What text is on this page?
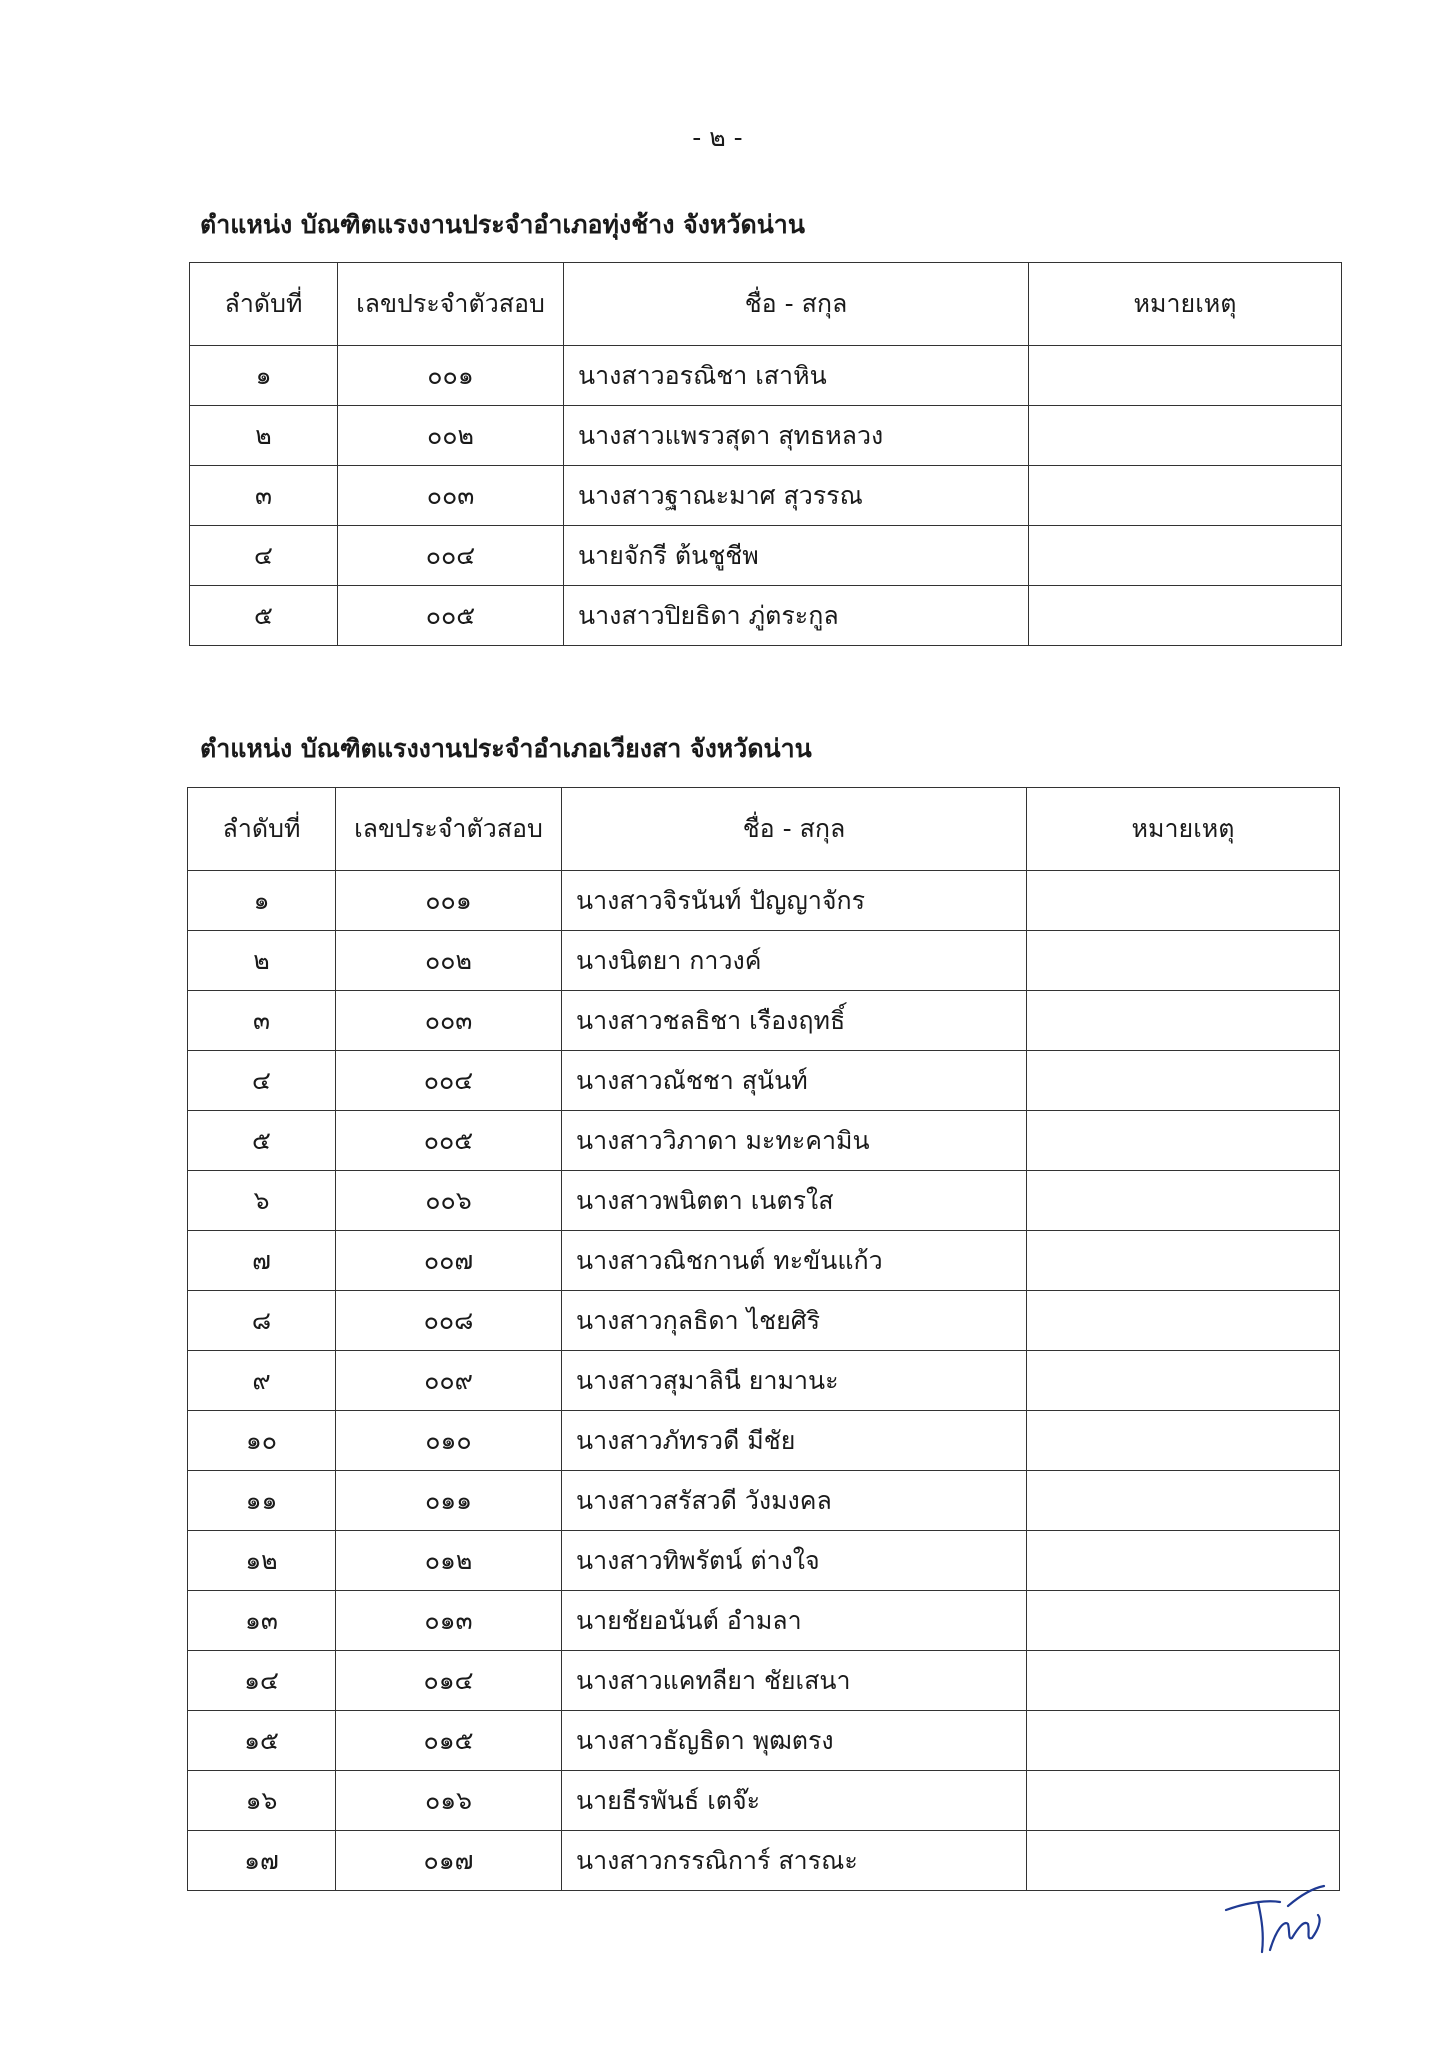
- ๒ -
ตำแหน่ง บัณฑิตแรงงานประจำอำเภอทุ่งช้าง จังหวัดน่าน
ลำดับที่	เลขประจำตัวสอบ	ชื่อ - สกุล	หมายเหตุ
๑	๐๐๑	นางสาวอรณิชา เสาหิน	
๒	๐๐๒	นางสาวแพรวสุดา สุทธหลวง	
๓	๐๐๓	นางสาวฐาณะมาศ สุวรรณ	
๔	๐๐๔	นายจักรี ต้นชูชีพ	
๕	๐๐๕	นางสาวปิยธิดา ภู่ตระกูล	
ตำแหน่ง บัณฑิตแรงงานประจำอำเภอเวียงสา จังหวัดน่าน
ลำดับที่	เลขประจำตัวสอบ	ชื่อ - สกุล	หมายเหตุ
๑	๐๐๑	นางสาวจิรนันท์ ปัญญาจักร	
๒	๐๐๒	นางนิตยา กาวงค์	
๓	๐๐๓	นางสาวชลธิชา เรืองฤทธิ์	
๔	๐๐๔	นางสาวณัชชา สุนันท์	
๕	๐๐๕	นางสาววิภาดา มะทะคามิน	
๖	๐๐๖	นางสาวพนิตตา เนตรใส	
๗	๐๐๗	นางสาวณิชกานต์ ทะขันแก้ว	
๘	๐๐๘	นางสาวกุลธิดา ไชยศิริ	
๙	๐๐๙	นางสาวสุมาลินี ยามานะ	
๑๐	๐๑๐	นางสาวภัทรวดี มีชัย	
๑๑	๐๑๑	นางสาวสรัสวดี วังมงคล	
๑๒	๐๑๒	นางสาวทิพรัตน์ ต่างใจ	
๑๓	๐๑๓	นายชัยอนันต์ อำมลา	
๑๔	๐๑๔	นางสาวแคทลียา ชัยเสนา	
๑๕	๐๑๕	นางสาวธัญธิดา พุฒตรง	
๑๖	๐๑๖	นายธีรพันธ์ เตจ๊ะ	
๑๗	๐๑๗	นางสาวกรรณิการ์ สารณะ	
